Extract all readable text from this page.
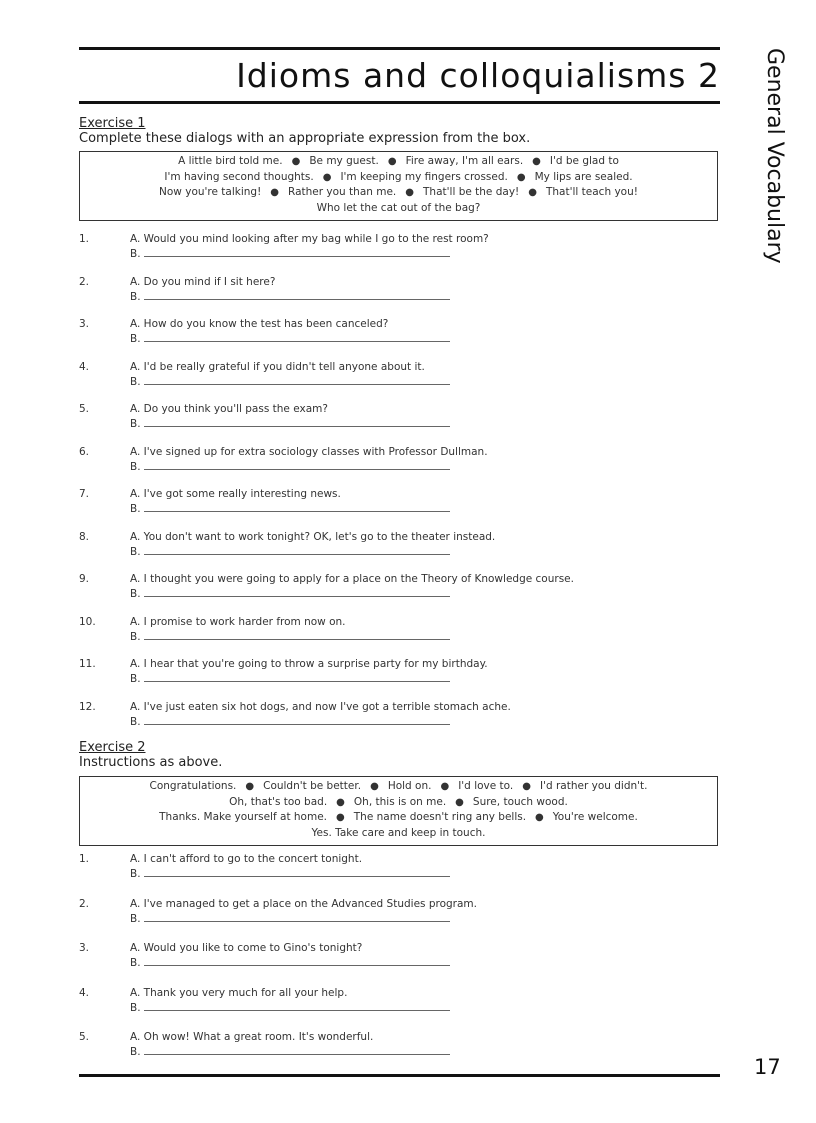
Idioms and colloquialisms 2 General Vocabulary
Exercise 1
Complete these dialogs with an appropriate expression from the box.
A little bird told me. ● Be my guest. ● Fire away, I'm all ears. ● I'd be glad to
I'm having second thoughts. ● I'm keeping my fingers crossed. ● My lips are sealed.
Now you're talking! ● Rather you than me. ● That'll be the day! ● That'll teach you!
Who let the cat out of the bag?
1.	A. Would you mind looking after my bag while I go to the rest room?
B.
2.	A. Do you mind if I sit here?
B.
3.	A. How do you know the test has been canceled?
B.
4.	A. I'd be really grateful if you didn't tell anyone about it.
B.
5.	A. Do you think you'll pass the exam?
B.
6.	A. I've signed up for extra sociology classes with Professor Dullman.
B.
7.	A. I've got some really interesting news.
B.
8.	A. You don't want to work tonight? OK, let's go to the theater instead.
B.
9.	A. I thought you were going to apply for a place on the Theory of Knowledge course.
B.
10.	A. I promise to work harder from now on.
B.
11.	A. I hear that you're going to throw a surprise party for my birthday.
B.
12.	A. I've just eaten six hot dogs, and now I've got a terrible stomach ache.
B.
Exercise 2
Instructions as above.
Congratulations. ● Couldn't be better. ● Hold on. ● I'd love to. ● I'd rather you didn't.
Oh, that's too bad. ● Oh, this is on me. ● Sure, touch wood.
Thanks. Make yourself at home. ● The name doesn't ring any bells. ● You're welcome.
Yes. Take care and keep in touch.
1.	A. I can't afford to go to the concert tonight.
B.
2.	A. I've managed to get a place on the Advanced Studies program.
B.
3.	A. Would you like to come to Gino's tonight?
B.
4.	A. Thank you very much for all your help.
B.
5.	A. Oh wow! What a great room. It's wonderful.
B.
17
